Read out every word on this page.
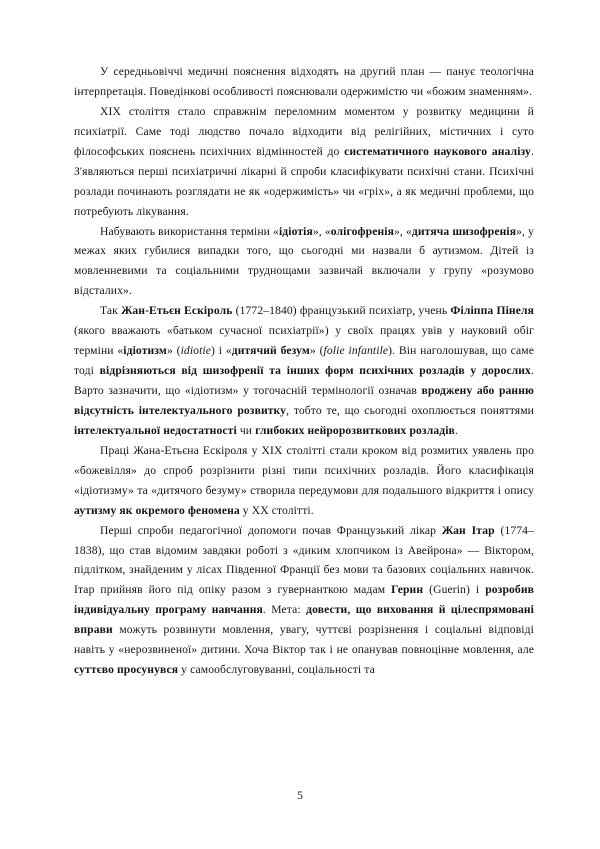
У середньовіччі медичні пояснення відходять на другий план — панує теологічна інтерпретація. Поведінкові особливості пояснювали одержимістю чи «божим знаменням».

XIX століття стало справжнім переломним моментом у розвитку медицини й психіатрії. Саме тоді людство почало відходити від релігійних, містичних і суто філософських пояснень психічних відмінностей до систематичного наукового аналізу. З'являються перші психіатричні лікарні й спроби класифікувати психічні стани. Психічні розлади починають розглядати не як «одержимість» чи «гріх», а як медичні проблеми, що потребують лікування.

Набувають використання терміни «ідіотія», «олігофренія», «дитяча шизофренія», у межах яких губилися випадки того, що сьогодні ми назвали б аутизмом. Дітей із мовленневими та соціальними труднощами зазвичай включали у групу «розумово відсталих».

Так Жан-Етьєн Ескіроль (1772–1840) французький психіатр, учень Філіппа Пінеля (якого вважають «батьком сучасної психіатрії») у своїх працях увів у науковий обіг терміни «ідіотизм» (idiotie) і «дитячий безум» (folie infantile). Він наголошував, що саме тоді відрізняються від шизофренії та інших форм психічних розладів у дорослих. Варто зазначити, що «ідіотизм» у тогочасній термінології означав вроджену або ранню відсутність інтелектуального розвитку, тобто те, що сьогодні охоплюється поняттями інтелектуальної недостатності чи глибоких нейророзвиткових розладів.

Праці Жана-Етьєна Ескіроля у XIX столітті стали кроком від розмитих уявлень про «божевілля» до спроб розрізнити різні типи психічних розладів. Його класифікація «ідіотизму» та «дитячого безуму» створила передумови для подальшого відкриття і опису аутизму як окремого феномена у XX столітті.

Перші спроби педагогічної допомоги почав Французький лікар Жан Ітар (1774–1838), що став відомим завдяки роботі з «диким хлопчиком із Авейрона» — Віктором, підлітком, знайденим у лісах Південної Франції без мови та базових соціальних навичок. Ітар прийняв його під опіку разом з гувернанткою мадам Герин (Guerin) і розробив індивідуальну програму навчання. Мета: довести, що виховання й цілеспрямовані вправи можуть розвинути мовлення, увагу, чуттєві розрізнення і соціальні відповіді навіть у «нерозвиненої» дитини. Хоча Віктор так і не опанував повноцінне мовлення, але суттєво просунувся у самообслуговуванні, соціальності та

5
